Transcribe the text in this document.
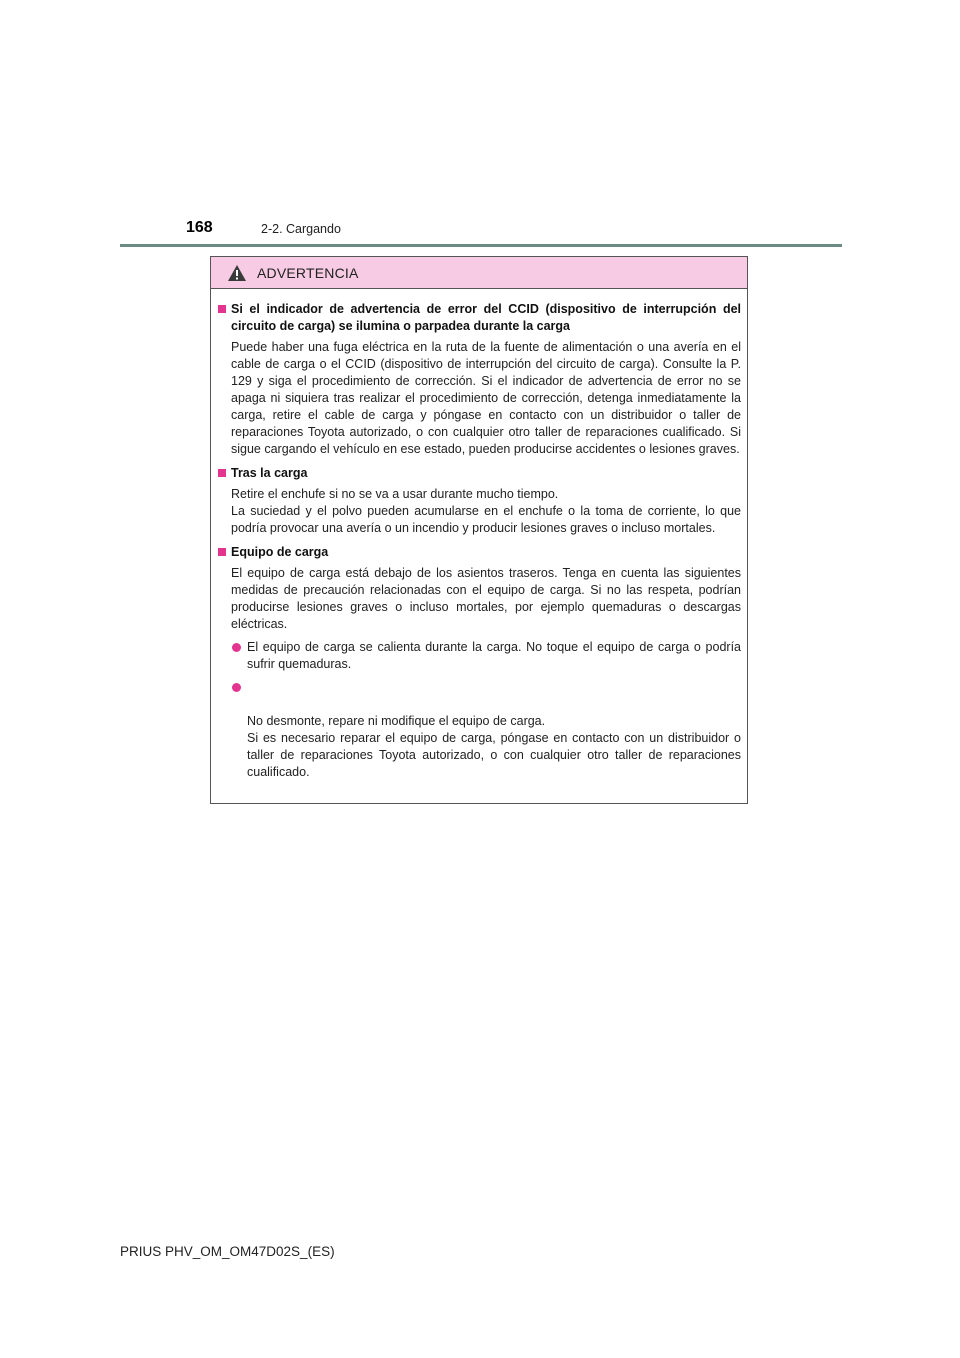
168	2-2. Cargando
ADVERTENCIA
Si el indicador de advertencia de error del CCID (dispositivo de interrupción del circuito de carga) se ilumina o parpadea durante la carga
Puede haber una fuga eléctrica en la ruta de la fuente de alimentación o una avería en el cable de carga o el CCID (dispositivo de interrupción del circuito de carga). Consulte la P. 129 y siga el procedimiento de corrección. Si el indicador de advertencia de error no se apaga ni siquiera tras realizar el procedimiento de corrección, detenga inmediatamente la carga, retire el cable de carga y póngase en contacto con un distribuidor o taller de reparaciones Toyota autorizado, o con cualquier otro taller de reparaciones cualificado. Si sigue cargando el vehículo en ese estado, pueden producirse accidentes o lesiones graves.
Tras la carga
Retire el enchufe si no se va a usar durante mucho tiempo.
La suciedad y el polvo pueden acumularse en el enchufe o la toma de corriente, lo que podría provocar una avería o un incendio y producir lesiones graves o incluso mortales.
Equipo de carga
El equipo de carga está debajo de los asientos traseros. Tenga en cuenta las siguientes medidas de precaución relacionadas con el equipo de carga. Si no las respeta, podrían producirse lesiones graves o incluso mortales, por ejemplo quemaduras o descargas eléctricas.
El equipo de carga se calienta durante la carga. No toque el equipo de carga o podría sufrir quemaduras.

No desmonte, repare ni modifique el equipo de carga.
Si es necesario reparar el equipo de carga, póngase en contacto con un distribuidor o taller de reparaciones Toyota autorizado, o con cualquier otro taller de reparaciones cualificado.

PRIUS PHV_OM_OM47D02S_(ES)
